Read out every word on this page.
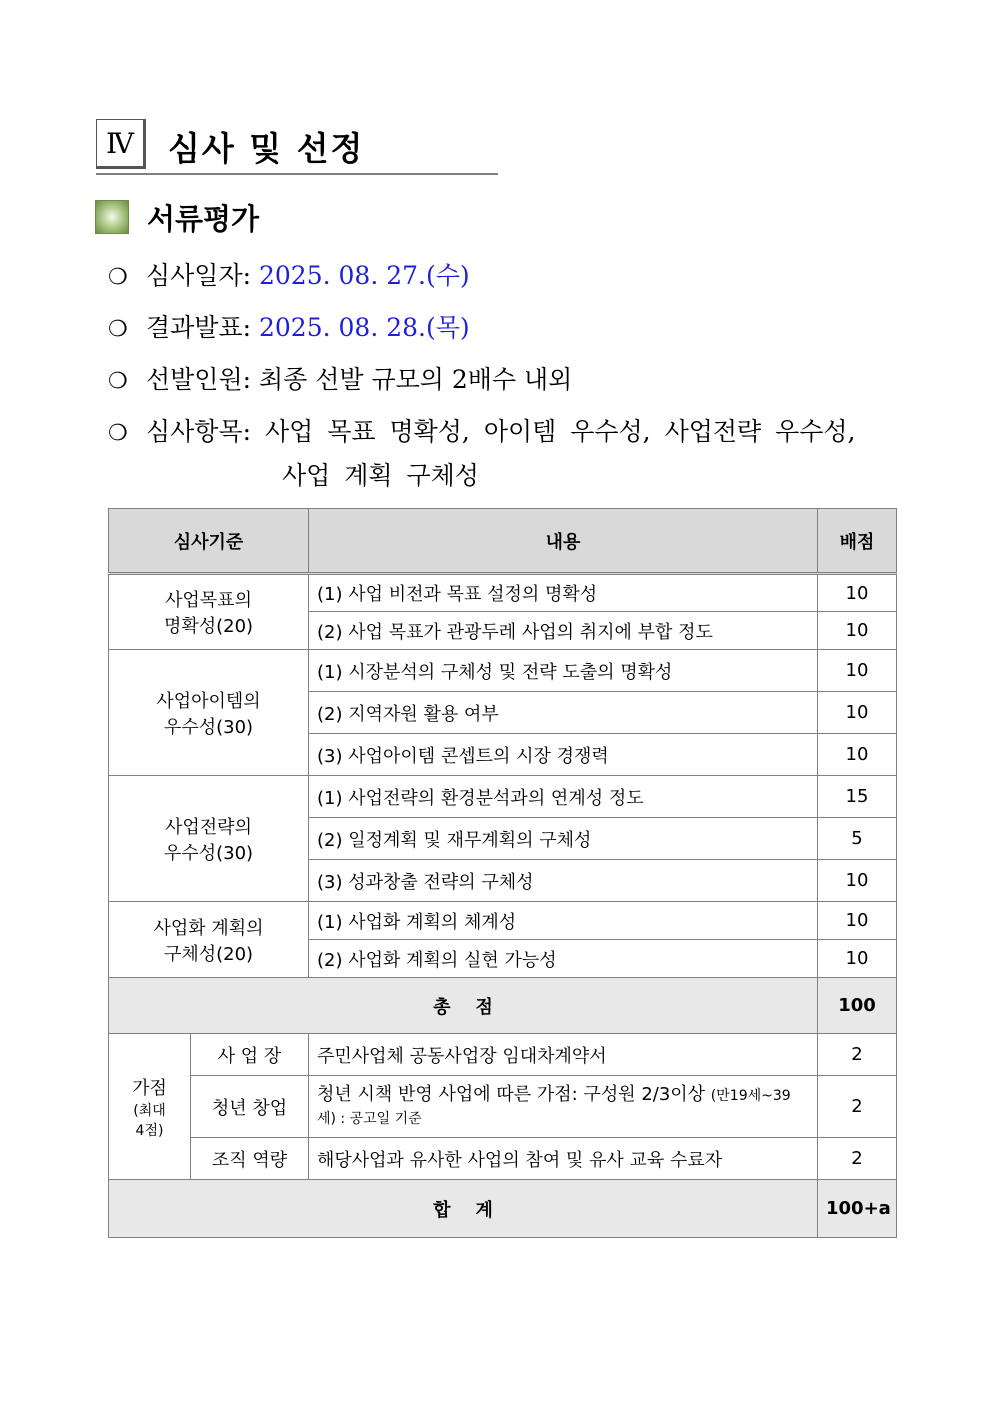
Ⅳ	심사 및 선정
서류평가
❍ 심사일자: 2025. 08. 27.(수)
❍ 결과발표: 2025. 08. 28.(목)
❍ 선발인원: 최종 선발 규모의 2배수 내외
❍ 심사항목: 사업 목표 명확성, 아이템 우수성, 사업전략 우수성,
사업 계획 구체성
심사기준		내용	배점

사업목표의
명확성(20)		(1) 사업 비전과 목표 설정의 명확성	10
		(2) 사업 목표가 관광두레 사업의 취지에 부합 정도	10

사업아이템의
우수성(30)		(1) 시장분석의 구체성 및 전략 도출의 명확성	10
		(2) 지역자원 활용 여부	10
		(3) 사업아이템 콘셉트의 시장 경쟁력	10

사업전략의
우수성(30)		(1) 사업전략의 환경분석과의 연계성 정도	15
		(2) 일정계획 및 재무계획의 구체성	5
		(3) 성과창출 전략의 구체성	10

사업화 계획의
구체성(20)		(1) 사업화 계획의 체계성	10
		(2) 사업화 계획의 실현 가능성	10
총    점			100

가점
(최대
4점)	사 업 장	주민사업체 공동사업장 임대차계약서	2
	청년 창업	청년 시책 반영 사업에 따른 가점: 구성원 2/3이상 (만19세~39세) : 공고일 기준	2
	조직 역량	해당사업과 유사한 사업의 참여 및 유사 교육 수료자	2
합    계			100+a
